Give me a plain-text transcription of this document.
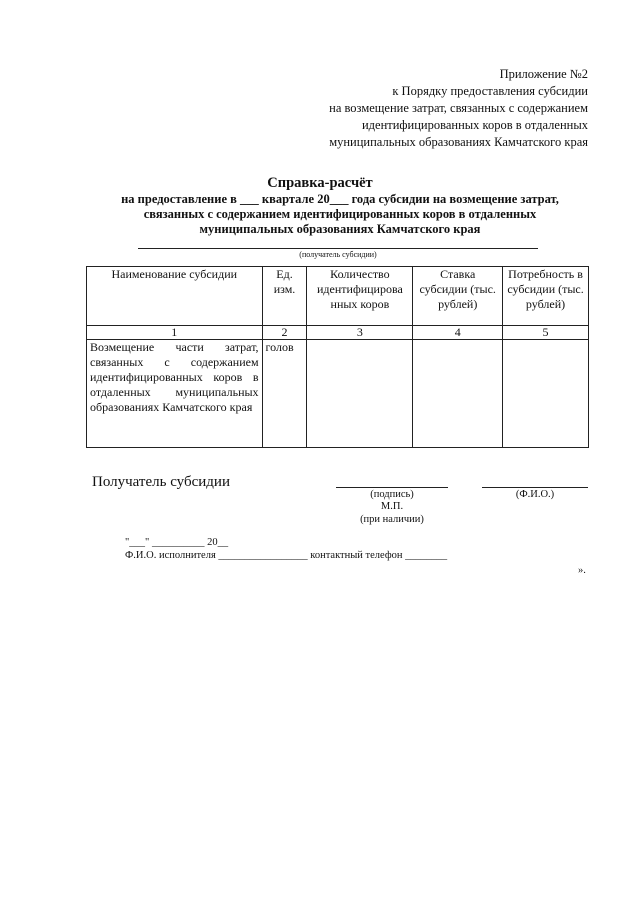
Приложение №2
к Порядку предоставления субсидии
на возмещение затрат, связанных с содержанием
идентифицированных коров в отдаленных
муниципальных образованиях Камчатского края
Справка-расчёт
на предоставление в ___ квартале 20___ года субсидии на возмещение затрат,
связанных с содержанием идентифицированных коров в отдаленных
муниципальных образованиях Камчатского края
(получатель субсидии)
Наименование субсидии	Ед. изм.	Количество идентифицирова нных коров	Ставка субсидии (тыс. рублей)	Потребность в субсидии (тыс. рублей)
1	2	3	4	5
Возмещение части затрат, связанных с содержанием идентифицированных коров в отдаленных муниципальных образованиях Камчатского края	голов			
Получатель субсидии
(подпись)	(Ф.И.О.)
М.П.
(при наличии)
"___" __________ 20__
Ф.И.О. исполнителя _________________ контактный телефон ________
».
